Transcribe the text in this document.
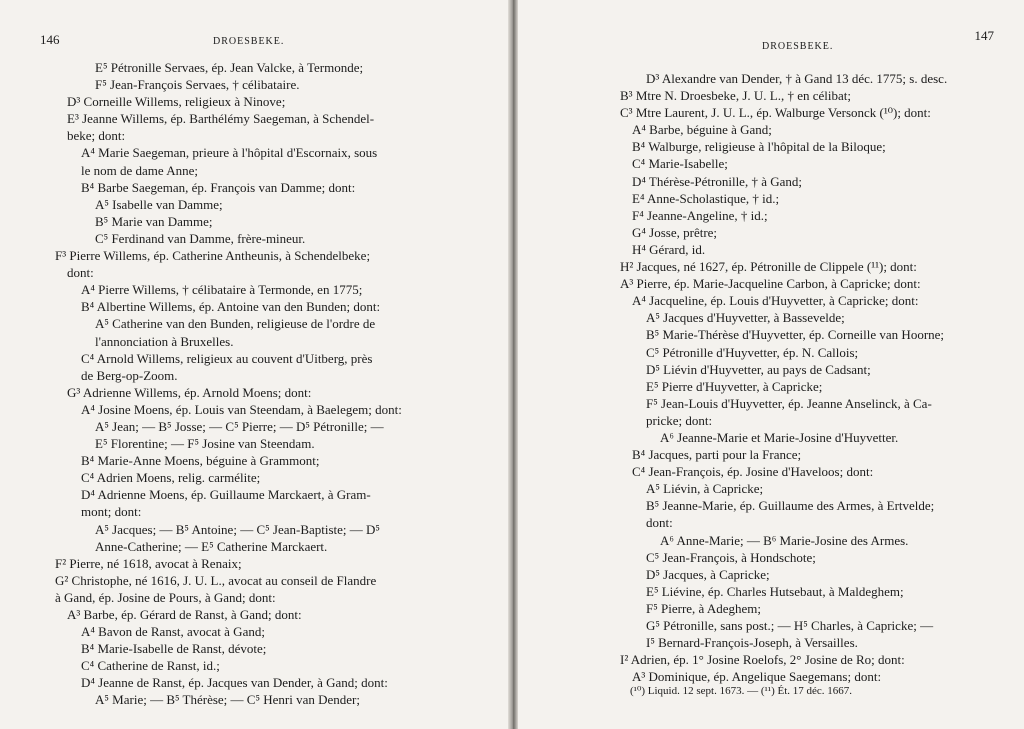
146	DROESBEKE.
E⁵ Pétronille Servaes, ép. Jean Valcke, à Termonde;
F⁵ Jean-François Servaes, † célibataire.
D³ Corneille Willems, religieux à Ninove;
E³ Jeanne Willems, ép. Barthélémy Saegeman, à Schendel-
beke; dont:
A⁴ Marie Saegeman, prieure à l'hôpital d'Escornaix, sous
le nom de dame Anne;
B⁴ Barbe Saegeman, ép. François van Damme; dont:
A⁵ Isabelle van Damme;
B⁵ Marie van Damme;
C⁵ Ferdinand van Damme, frère-mineur.
F³ Pierre Willems, ép. Catherine Antheunis, à Schendelbeke;
dont:
A⁴ Pierre Willems, † célibataire à Termonde, en 1775;
B⁴ Albertine Willems, ép. Antoine van den Bunden; dont:
A⁵ Catherine van den Bunden, religieuse de l'ordre de
l'annonciation à Bruxelles.
C⁴ Arnold Willems, religieux au couvent d'Uitberg, près
de Berg-op-Zoom.
G³ Adrienne Willems, ép. Arnold Moens; dont:
A⁴ Josine Moens, ép. Louis van Steendam, à Baelegem; dont:
A⁵ Jean; — B⁵ Josse; — C⁵ Pierre; — D⁵ Pétronille; —
E⁵ Florentine; — F⁵ Josine van Steendam.
B⁴ Marie-Anne Moens, béguine à Grammont;
C⁴ Adrien Moens, relig. carmélite;
D⁴ Adrienne Moens, ép. Guillaume Marckaert, à Gram-
mont; dont:
A⁵ Jacques; — B⁵ Antoine; — C⁵ Jean-Baptiste; — D⁵
Anne-Catherine; — E⁵ Catherine Marckaert.
F² Pierre, né 1618, avocat à Renaix;
G² Christophe, né 1616, J. U. L., avocat au conseil de Flandre
à Gand, ép. Josine de Pours, à Gand; dont:
A³ Barbe, ép. Gérard de Ranst, à Gand; dont:
A⁴ Bavon de Ranst, avocat à Gand;
B⁴ Marie-Isabelle de Ranst, dévote;
C⁴ Catherine de Ranst, id.;
D⁴ Jeanne de Ranst, ép. Jacques van Dender, à Gand; dont:
A⁵ Marie; — B⁵ Thérèse; — C⁵ Henri van Dender;
147
DROESBEKE.
D³ Alexandre van Dender, † à Gand 13 déc. 1775; s. desc.
B³ Mtre N. Droesbeke, J. U. L., † en célibat;
C³ Mtre Laurent, J. U. L., ép. Walburge Versonck (¹⁰); dont:
A⁴ Barbe, béguine à Gand;
B⁴ Walburge, religieuse à l'hôpital de la Biloque;
C⁴ Marie-Isabelle;
D⁴ Thérèse-Pétronille, † à Gand;
E⁴ Anne-Scholastique, † id.;
F⁴ Jeanne-Angeline, † id.;
G⁴ Josse, prêtre;
H⁴ Gérard, id.
H² Jacques, né 1627, ép. Pétronille de Clippele (¹¹); dont:
A³ Pierre, ép. Marie-Jacqueline Carbon, à Capricke; dont:
A⁴ Jacqueline, ép. Louis d'Huyvetter, à Capricke; dont:
A⁵ Jacques d'Huyvetter, à Bassevelde;
B⁵ Marie-Thérèse d'Huyvetter, ép. Corneille van Hoorne;
C⁵ Pétronille d'Huyvetter, ép. N. Callois;
D⁵ Liévin d'Huyvetter, au pays de Cadsant;
E⁵ Pierre d'Huyvetter, à Capricke;
F⁵ Jean-Louis d'Huyvetter, ép. Jeanne Anselinck, à Ca-
pricke; dont:
A⁶ Jeanne-Marie et Marie-Josine d'Huyvetter.
B⁴ Jacques, parti pour la France;
C⁴ Jean-François, ép. Josine d'Haveloos; dont:
A⁵ Liévin, à Capricke;
B⁵ Jeanne-Marie, ép. Guillaume des Armes, à Ertvelde;
dont:
A⁶ Anne-Marie; — B⁶ Marie-Josine des Armes.
C⁵ Jean-François, à Hondschote;
D⁵ Jacques, à Capricke;
E⁵ Liévine, ép. Charles Hutsebaut, à Maldeghem;
F⁵ Pierre, à Adeghem;
G⁵ Pétronille, sans post.; — H⁵ Charles, à Capricke; —
I⁵ Bernard-François-Joseph, à Versailles.
I² Adrien, ép. 1° Josine Roelofs, 2° Josine de Ro; dont:
A³ Dominique, ép. Angelique Saegemans; dont:
(¹⁰) Liquid. 12 sept. 1673. — (¹¹) Ét. 17 déc. 1667.
